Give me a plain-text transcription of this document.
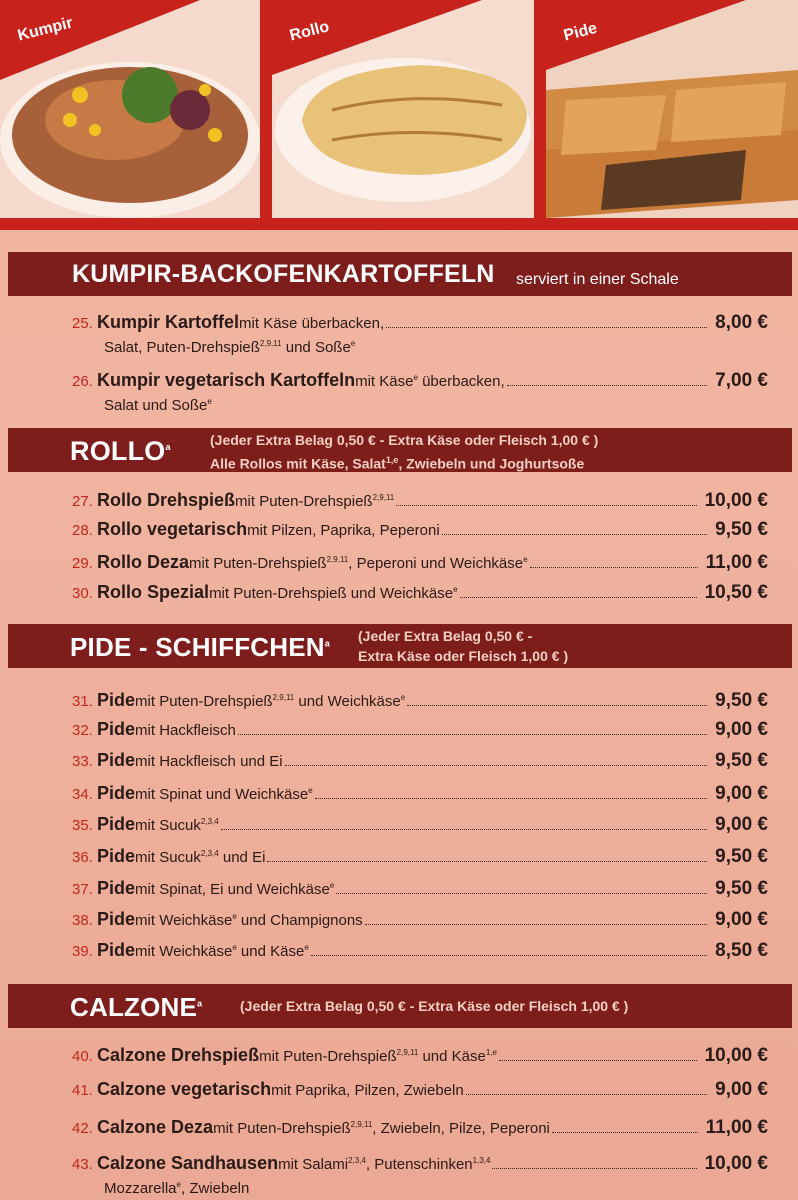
Kumpir	Rollo	Pide
KUMPIR-BACKOFENKARTOFFELN serviert in einer Schale
25.
Kumpir Kartoffel mit Käse überbacken,	8,00 €
Salat, Puten-Drehspieß$^{2,9,11}$ und Soße$^e$
26.
Kumpir vegetarisch Kartoffeln mit Käse$^e$ überbacken,	7,00 €
Salat und Soße$^e$
ROLLO$^a$	(Jeder Extra Belag 0,50 € - Extra Käse oder Fleisch 1,00 € )
Alle Rollos mit Käse, Salat$^{1,e}$, Zwiebeln und Joghurtsoße
27.
Rollo Drehspieß mit Puten-Drehspieß$^{2,9,11}$	10,00 €
28.
Rollo vegetarisch mit Pilzen, Paprika, Peperoni	9,50 €
29.
Rollo Deza mit Puten-Drehspieß$^{2,9,11}$, Peperoni und Weichkäse$^e$	11,00 €
30.
Rollo Spezial mit Puten-Drehspieß und Weichkäse$^e$	10,50 €
PIDE - SCHIFFCHEN$^a$ (Jeder Extra Belag 0,50 € -
Extra Käse oder Fleisch 1,00 € )
31.
Pide mit Puten-Drehspieß$^{2,9,11}$ und Weichkäse$^e$	9,50 €
32.
Pide mit Hackfleisch	9,00 €
33.
Pide mit Hackfleisch und Ei	9,50 €
34.
Pide mit Spinat und Weichkäse$^e$	9,00 €
35.
Pide mit Sucuk$^{2,3,4}$	9,00 €
36.
Pide mit Sucuk$^{2,3,4}$ und Ei	9,50 €
37.
Pide mit Spinat, Ei und Weichkäse$^e$	9,50 €
38.
Pide mit Weichkäse$^e$ und Champignons	9,00 €
39.
Pide mit Weichkäse$^e$ und Käse$^e$	8,50 €
CALZONE$^a$	(Jeder Extra Belag 0,50 € - Extra Käse oder Fleisch 1,00 € )
40.
Calzone Drehspieß mit Puten-Drehspieß$^{2,9,11}$ und Käse$^{1,e}$	10,00 €
41.
Calzone vegetarisch mit Paprika, Pilzen, Zwiebeln	9,00 €
42.
Calzone Deza mit Puten-Drehspieß$^{2,9,11}$, Zwiebeln, Pilze, Peperoni	11,00 €
43.
Calzone Sandhausen mit Salami$^{2,3,4}$, Putenschinken$^{1,3,4}$	10,00 €
Mozzarella$^e$, Zwiebeln
